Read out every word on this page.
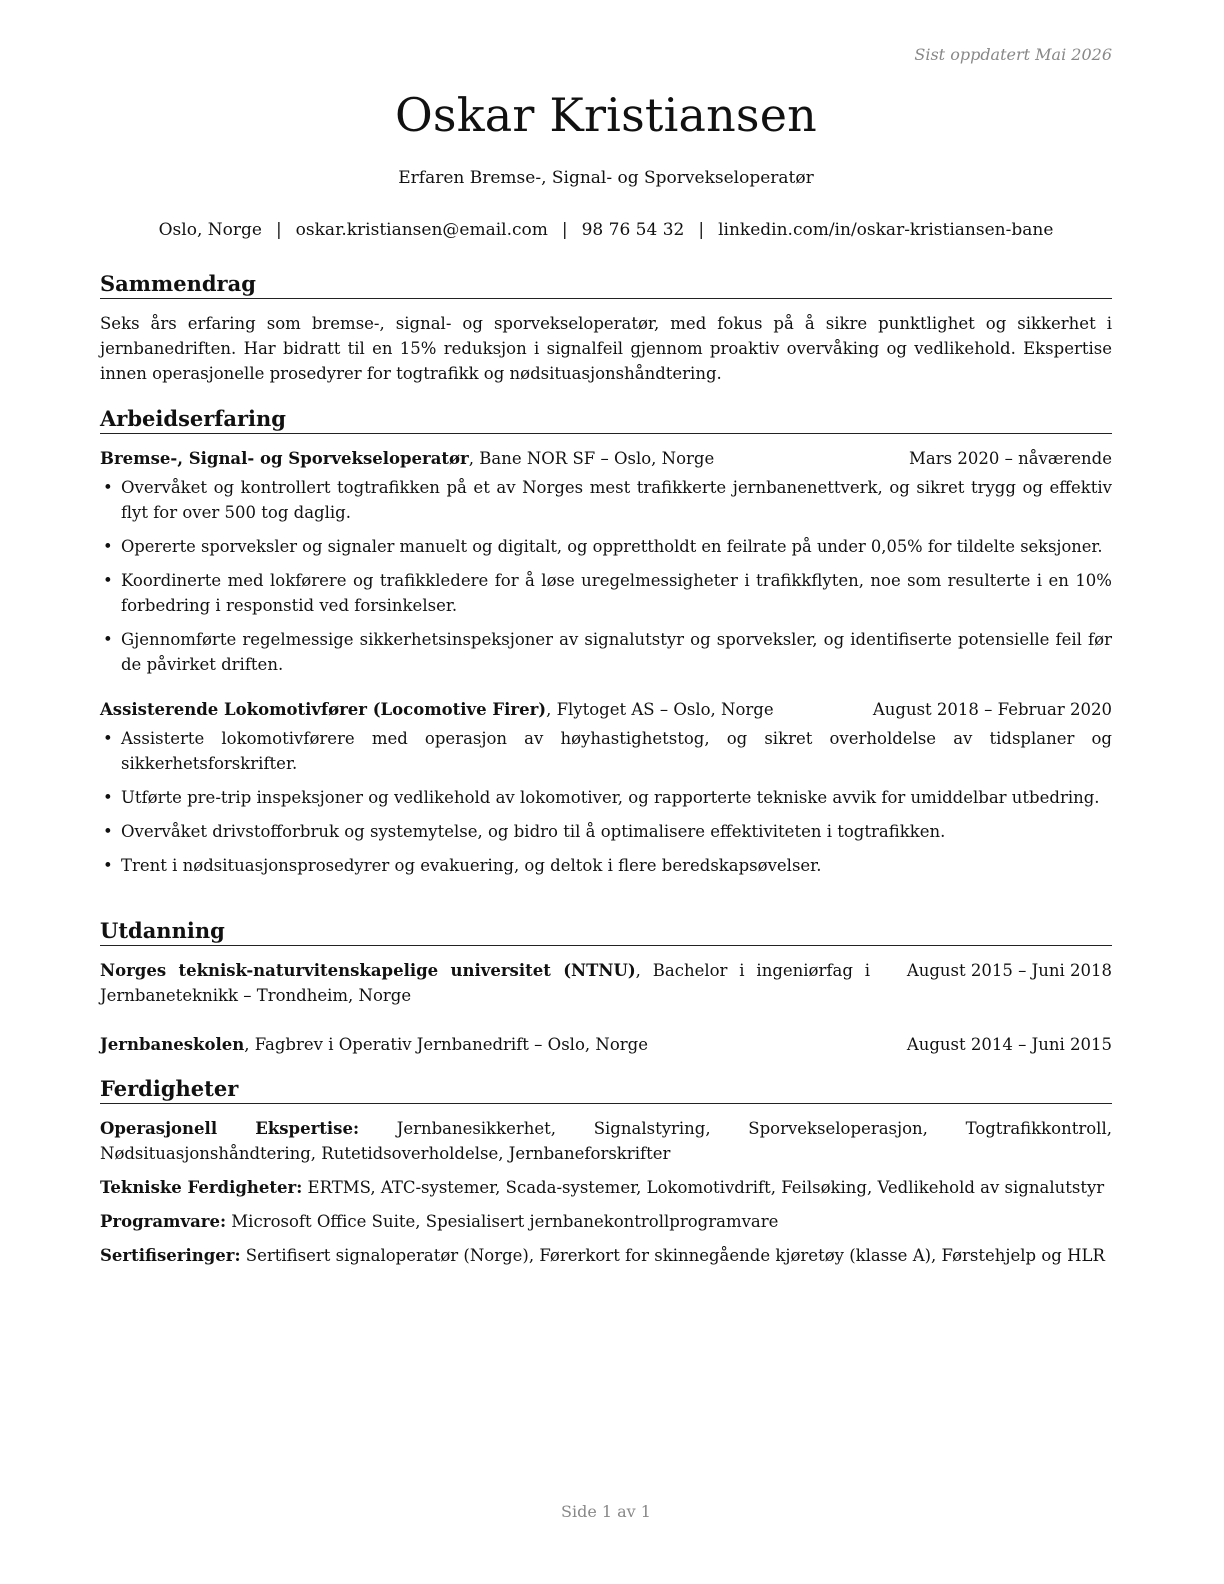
Sist oppdatert Mai 2026
Oskar Kristiansen
Erfaren Bremse-, Signal- og Sporvekseloperatør
Oslo, Norge | oskar.kristiansen@email.com | 98 76 54 32 | linkedin.com/in/oskar-kristiansen-bane
Sammendrag

Seks års erfaring som bremse-, signal- og sporvekseloperatør, med fokus på å sikre punktlighet og sikkerhet i jernbanedriften. Har bidratt til en 15% reduksjon i signalfeil gjennom proaktiv overvåking og vedlikehold. Ekspertise innen operasjonelle prosedyrer for togtrafikk og nødsituasjonshåndtering.

Arbeidserfaring
Bremse-, Signal- og Sporvekseloperatør, Bane NOR SF – Oslo, Norge	Mars 2020 – nåværende
• Overvåket og kontrollert togtrafikken på et av Norges mest trafikkerte jernbanenettverk, og sikret trygg og effektiv flyt for over 500 tog daglig.
• Opererte sporveksler og signaler manuelt og digitalt, og opprettholdt en feilrate på under 0,05% for tildelte seksjoner.
• Koordinerte med lokførere og trafikkledere for å løse uregelmessigheter i trafikkflyten, noe som resulterte i en 10% forbedring i responstid ved forsinkelser.
• Gjennomførte regelmessige sikkerhetsinspeksjoner av signalutstyr og sporveksler, og identifiserte potensielle feil før de påvirket driften.
Assisterende Lokomotivfører (Locomotive Firer), Flytoget AS – Oslo, Norge	August 2018 – Februar 2020
• Assisterte lokomotivførere med operasjon av høyhastighetstog, og sikret overholdelse av tidsplaner og sikkerhetsforskrifter.
• Utførte pre-trip inspeksjoner og vedlikehold av lokomotiver, og rapporterte tekniske avvik for umiddelbar utbedring.
• Overvåket drivstofforbruk og systemytelse, og bidro til å optimalisere effektiviteten i togtrafikken.
• Trent i nødsituasjonsprosedyrer og evakuering, og deltok i flere beredskapsøvelser.
Utdanning
Norges teknisk-naturvitenskapelige universitet (NTNU), Bachelor i ingeniørfag i Jernbaneteknikk – Trondheim, Norge
August 2015 – Juni 2018
Jernbaneskolen, Fagbrev i Operativ Jernbanedrift – Oslo, Norge	August 2014 – Juni 2015
Ferdigheter
Operasjonell Ekspertise: Jernbanesikkerhet, Signalstyring, Sporvekseloperasjon, Togtrafikkontroll, Nødsituasjonshåndtering, Rutetidsoverholdelse, Jernbaneforskrifter
Tekniske Ferdigheter: ERTMS, ATC-systemer, Scada-systemer, Lokomotivdrift, Feilsøking, Vedlikehold av signalutstyr
Programvare: Microsoft Office Suite, Spesialisert jernbanekontrollprogramvare
Sertifiseringer: Sertifisert signaloperatør (Norge), Førerkort for skinnegående kjøretøy (klasse A), Førstehjelp og HLR
Side 1 av 1
